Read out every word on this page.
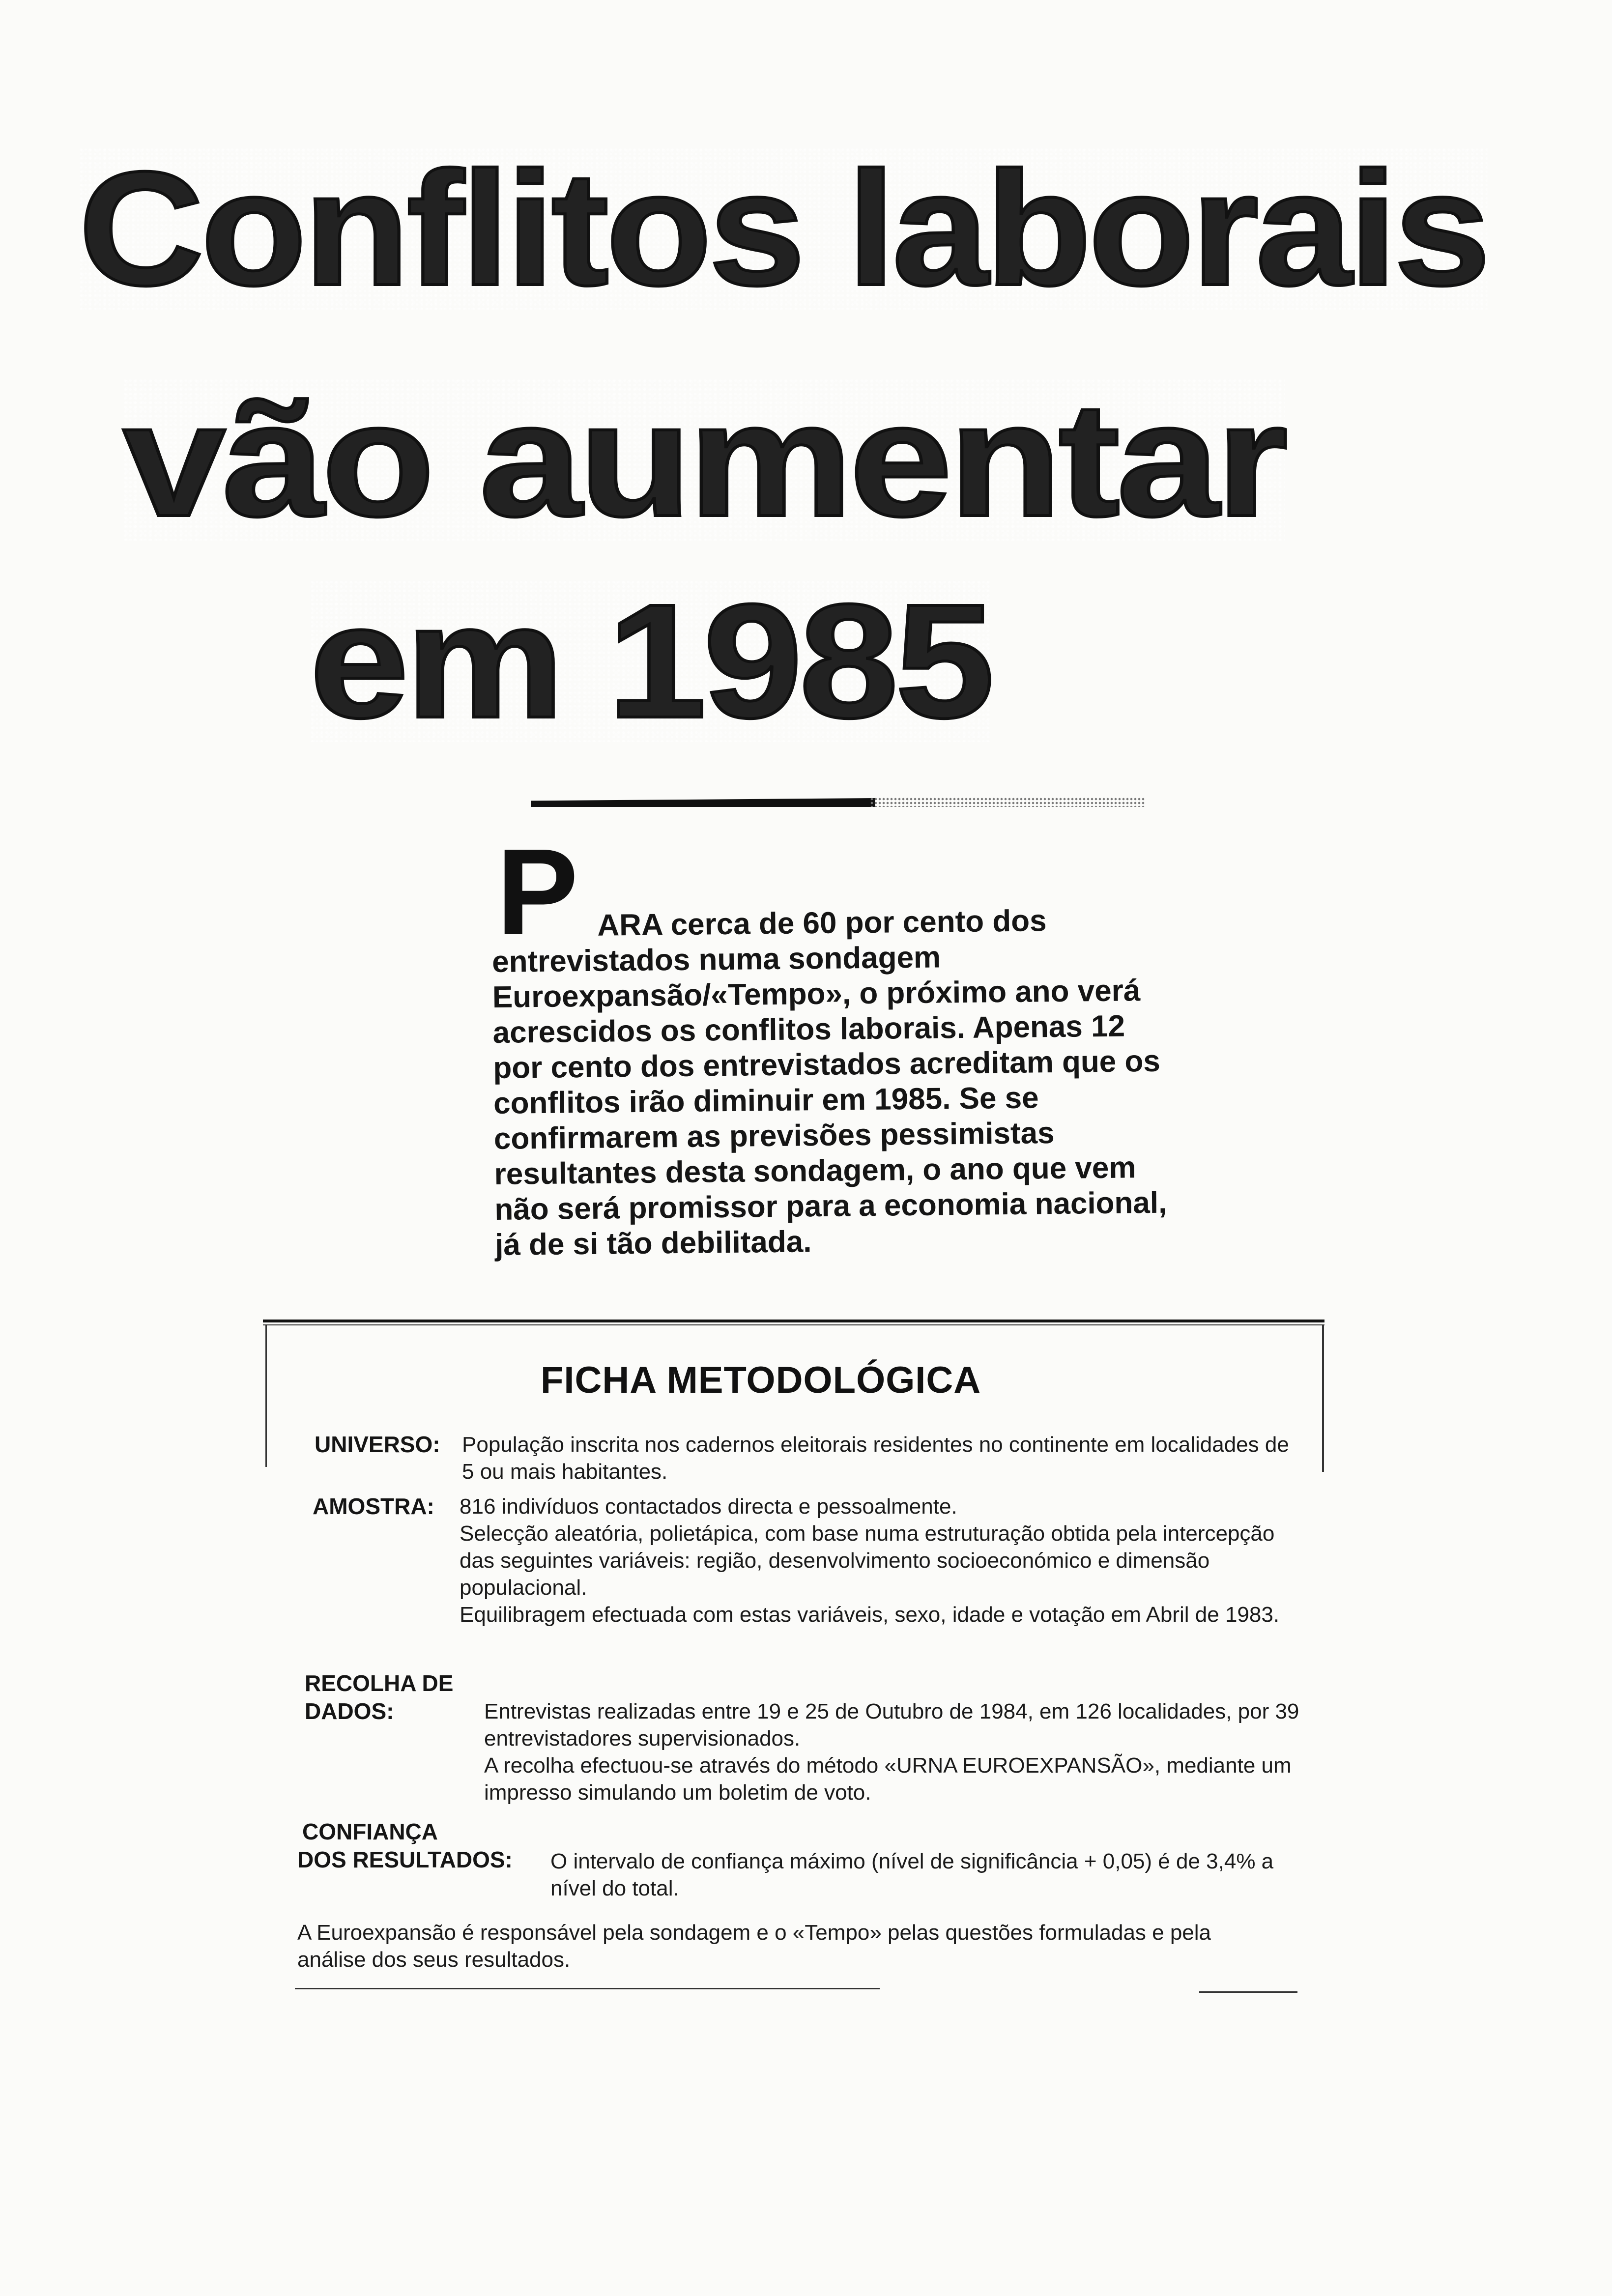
Conflitos laborais
vão aumentar
em 1985
P ARA cerca de 60 por cento dos entrevistados numa sondagem Euroexpansão/«Tempo», o próximo ano verá acrescidos os conflitos laborais. Apenas 12 por cento dos entrevistados acreditam que os conflitos irão diminuir em 1985. Se se confirmarem as previsões pessimistas resultantes desta sondagem, o ano que vem não será promissor para a economia nacional, já de si tão debilitada.

FICHA METODOLÓGICA
UNIVERSO: População inscrita nos cadernos eleitorais residentes no continente em localidades de 5 ou mais habitantes.

AMOSTRA: 816 indivíduos contactados directa e pessoalmente.

Selecção aleatória, polietápica, com base numa estruturação obtida pela intercepção das seguintes variáveis: região, desenvolvimento socioeconómico e dimensão populacional.

Equilibragem efectuada com estas variáveis, sexo, idade e votação em Abril de 1983.

RECOLHA DE
DADOS:	Entrevistas realizadas entre 19 e 25 de Outubro de 1984, em 126 localidades, por 39 entrevistadores supervisionados.

A recolha efectuou-se através do método «URNA EUROEXPANSÃO», mediante um impresso simulando um boletim de voto.

CONFIANÇA
DOS RESULTADOS: O intervalo de confiança máximo (nível de significância + 0,05) é de 3,4% a nível do total.

A Euroexpansão é responsável pela sondagem e o «Tempo» pelas questões formuladas e pela análise dos seus resultados.
